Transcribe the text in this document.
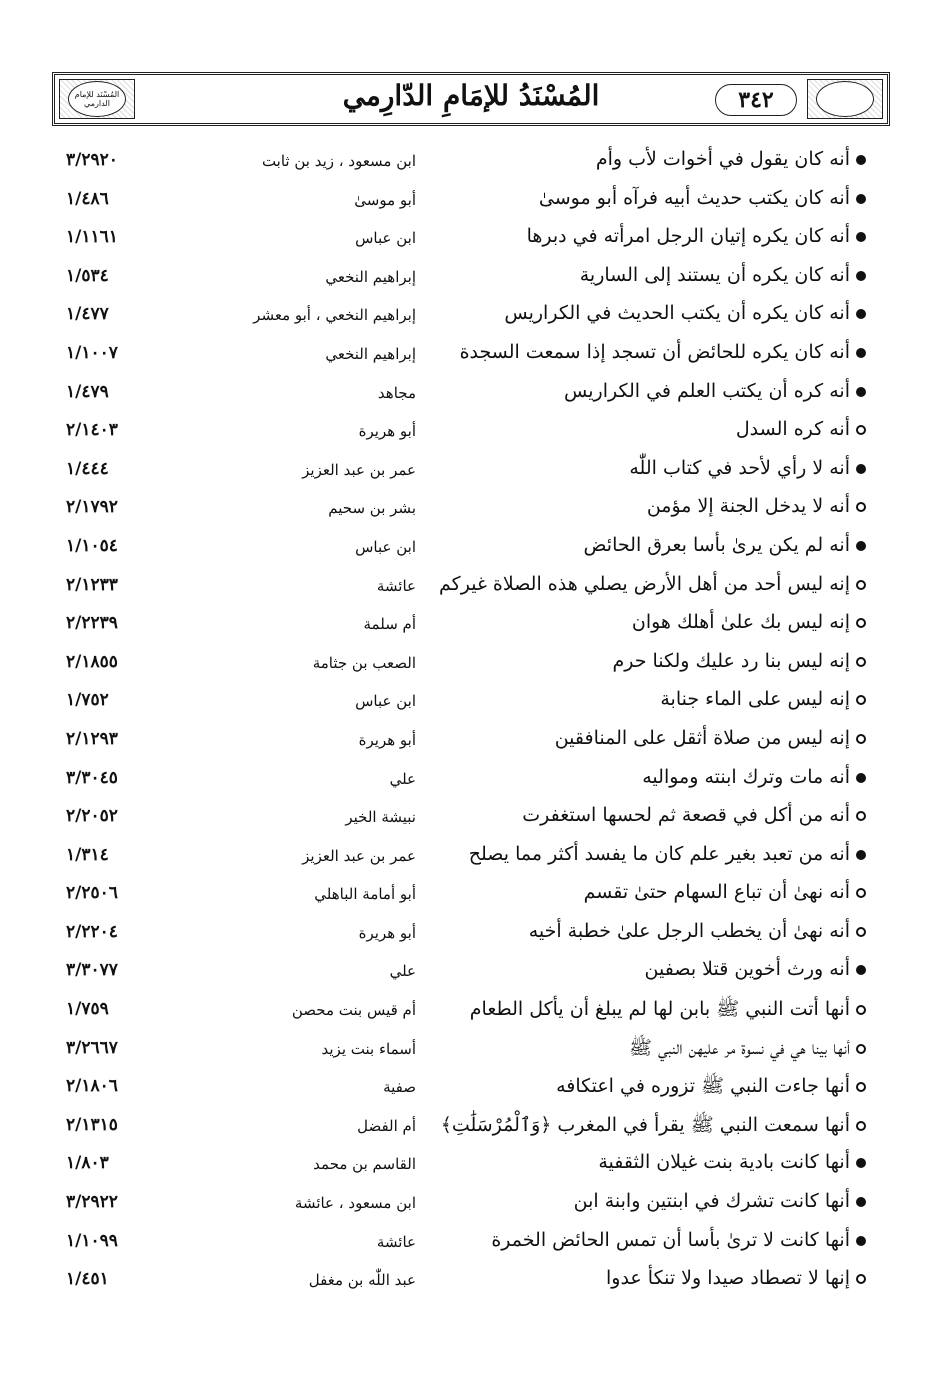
المُسْنَد للإمام الدارمي	المُسْنَدُ للإمَامِ الدّارِمي	٣٤٢
أنه كان يقول في أخوات لأب وأم
ابن مسعود ، زيد بن ثابت
٣/٢٩٢٠
أنه كان يكتب حديث أبيه فرآه أبو موسىٰ
أبو موسىٰ
١/٤٨٦
أنه كان يكره إتيان الرجل امرأته في دبرها
ابن عباس
١/١١٦١
أنه كان يكره أن يستند إلى السارية
إبراهيم النخعي
١/٥٣٤
أنه كان يكره أن يكتب الحديث في الكراريس
إبراهيم النخعي ، أبو معشر
١/٤٧٧
أنه كان يكره للحائض أن تسجد إذا سمعت السجدة
إبراهيم النخعي
١/١٠٠٧
أنه كره أن يكتب العلم في الكراريس
مجاهد
١/٤٧٩
أنه كره السدل
أبو هريرة
٢/١٤٠٣
أنه لا رأي لأحد في كتاب اللّٰه
عمر بن عبد العزيز
١/٤٤٤
أنه لا يدخل الجنة إلا مؤمن
بشر بن سحيم
٢/١٧٩٢
أنه لم يكن يرىٰ بأسا بعرق الحائض
ابن عباس
١/١٠٥٤
إنه ليس أحد من أهل الأرض يصلي هذه الصلاة غيركم
عائشة
٢/١٢٣٣
إنه ليس بك علىٰ أهلك هوان
أم سلمة
٢/٢٢٣٩
إنه ليس بنا رد عليك ولكنا حرم
الصعب بن جثامة
٢/١٨٥٥
إنه ليس على الماء جنابة
ابن عباس
١/٧٥٢
إنه ليس من صلاة أثقل على المنافقين
أبو هريرة
٢/١٢٩٣
أنه مات وترك ابنته ومواليه
علي
٣/٣٠٤٥
أنه من أكل في قصعة ثم لحسها استغفرت
نبيشة الخير
٢/٢٠٥٢
أنه من تعبد بغير علم كان ما يفسد أكثر مما يصلح
عمر بن عبد العزيز
١/٣١٤
أنه نهىٰ أن تباع السهام حتىٰ تقسم
أبو أمامة الباهلي
٢/٢٥٠٦
أنه نهىٰ أن يخطب الرجل علىٰ خطبة أخيه
أبو هريرة
٢/٢٢٠٤
أنه ورث أخوين قتلا بصفين
علي
٣/٣٠٧٧
أنها أتت النبي ﷺ بابن لها لم يبلغ أن يأكل الطعام
أم قيس بنت محصن
١/٧٥٩
أنها بينا هي في نسوة مر عليهن النبي ﷺ
أسماء بنت يزيد
٣/٢٦٦٧
أنها جاءت النبي ﷺ تزوره في اعتكافه
صفية
٢/١٨٠٦
أنها سمعت النبي ﷺ يقرأ في المغرب ﴿وَٱلْمُرْسَلَٰتِ﴾
أم الفضل
٢/١٣١٥
أنها كانت بادية بنت غيلان الثقفية
القاسم بن محمد
١/٨٠٣
أنها كانت تشرك في ابنتين وابنة ابن
ابن مسعود ، عائشة
٣/٢٩٢٢
أنها كانت لا ترىٰ بأسا أن تمس الحائض الخمرة
عائشة
١/١٠٩٩
إنها لا تصطاد صيدا ولا تنكأ عدوا
عبد اللّٰه بن مغفل
١/٤٥١
